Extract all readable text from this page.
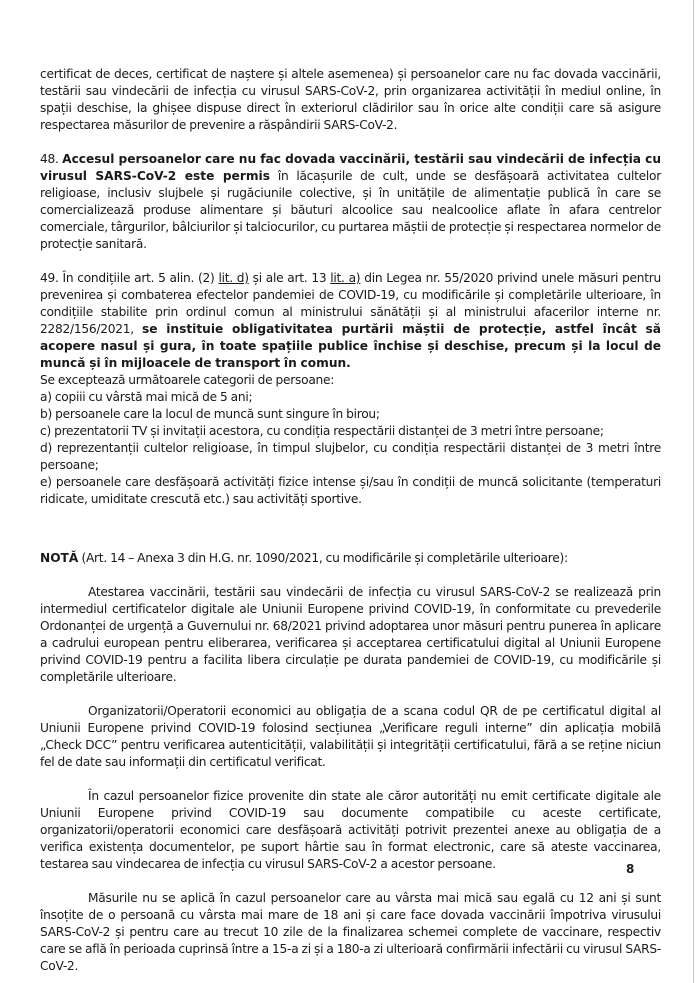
certificat de deces, certificat de naștere și altele asemenea) și persoanelor care nu fac dovada vaccinării, testării sau vindecării de infecția cu virusul SARS-CoV-2, prin organizarea activității în mediul online, în spații deschise, la ghișee dispuse direct în exteriorul clădirilor sau în orice alte condiții care să asigure respectarea măsurilor de prevenire a răspândirii SARS-CoV-2.

48. Accesul persoanelor care nu fac dovada vaccinării, testării sau vindecării de infecția cu virusul SARS-CoV-2 este permis în lăcașurile de cult, unde se desfășoară activitatea cultelor religioase, inclusiv slujbele și rugăciunile colective, și în unitățile de alimentație publică în care se comercializează produse alimentare și băuturi alcoolice sau nealcoolice aflate în afara centrelor comerciale, târgurilor, bâlciurilor și talciocurilor, cu purtarea măștii de protecție și respectarea normelor de protecție sanitară.

49. În condițiile art. 5 alin. (2) lit. d) și ale art. 13 lit. a) din Legea nr. 55/2020 privind unele măsuri pentru prevenirea și combaterea efectelor pandemiei de COVID-19, cu modificările și completările ulterioare, în condițiile stabilite prin ordinul comun al ministrului sănătății și al ministrului afacerilor interne nr. 2282/156/2021, se instituie obligativitatea purtării măștii de protecție, astfel încât să acopere nasul și gura, în toate spațiile publice închise și deschise, precum și la locul de muncă și în mijloacele de transport în comun.

Se exceptează următoarele categorii de persoane:

a) copiii cu vârstă mai mică de 5 ani;

b) persoanele care la locul de muncă sunt singure în birou;

c) prezentatorii TV și invitații acestora, cu condiția respectării distanței de 3 metri între persoane;

d) reprezentanții cultelor religioase, în timpul slujbelor, cu condiția respectării distanței de 3 metri între persoane;

e) persoanele care desfășoară activități fizice intense și/sau în condiții de muncă solicitante (temperaturi ridicate, umiditate crescută etc.) sau activități sportive.

NOTĂ (Art. 14 – Anexa 3 din H.G. nr. 1090/2021, cu modificările și completările ulterioare):

Atestarea vaccinării, testării sau vindecării de infecția cu virusul SARS-CoV-2 se realizează prin intermediul certificatelor digitale ale Uniunii Europene privind COVID-19, în conformitate cu prevederile Ordonanței de urgență a Guvernului nr. 68/2021 privind adoptarea unor măsuri pentru punerea în aplicare a cadrului european pentru eliberarea, verificarea și acceptarea certificatului digital al Uniunii Europene privind COVID-19 pentru a facilita libera circulație pe durata pandemiei de COVID-19, cu modificările și completările ulterioare.

Organizatorii/Operatorii economici au obligația de a scana codul QR de pe certificatul digital al Uniunii Europene privind COVID-19 folosind secțiunea „Verificare reguli interne” din aplicația mobilă „Check DCC” pentru verificarea autenticității, valabilității și integrității certificatului, fără a se reține niciun fel de date sau informații din certificatul verificat.

În cazul persoanelor fizice provenite din state ale căror autorități nu emit certificate digitale ale Uniunii Europene privind COVID-19 sau documente compatibile cu aceste certificate, organizatorii/operatorii economici care desfășoară activități potrivit prezentei anexe au obligația de a verifica existența documentelor, pe suport hârtie sau în format electronic, care să ateste vaccinarea, testarea sau vindecarea de infecția cu virusul SARS-CoV-2 a acestor persoane.

Măsurile nu se aplică în cazul persoanelor care au vârsta mai mică sau egală cu 12 ani și sunt însoțite de o persoană cu vârsta mai mare de 18 ani și care face dovada vaccinării împotriva virusului SARS-CoV-2 și pentru care au trecut 10 zile de la finalizarea schemei complete de vaccinare, respectiv care se află în perioada cuprinsă între a 15-a zi și a 180-a zi ulterioară confirmării infectării cu virusul SARS-CoV-2.

8
